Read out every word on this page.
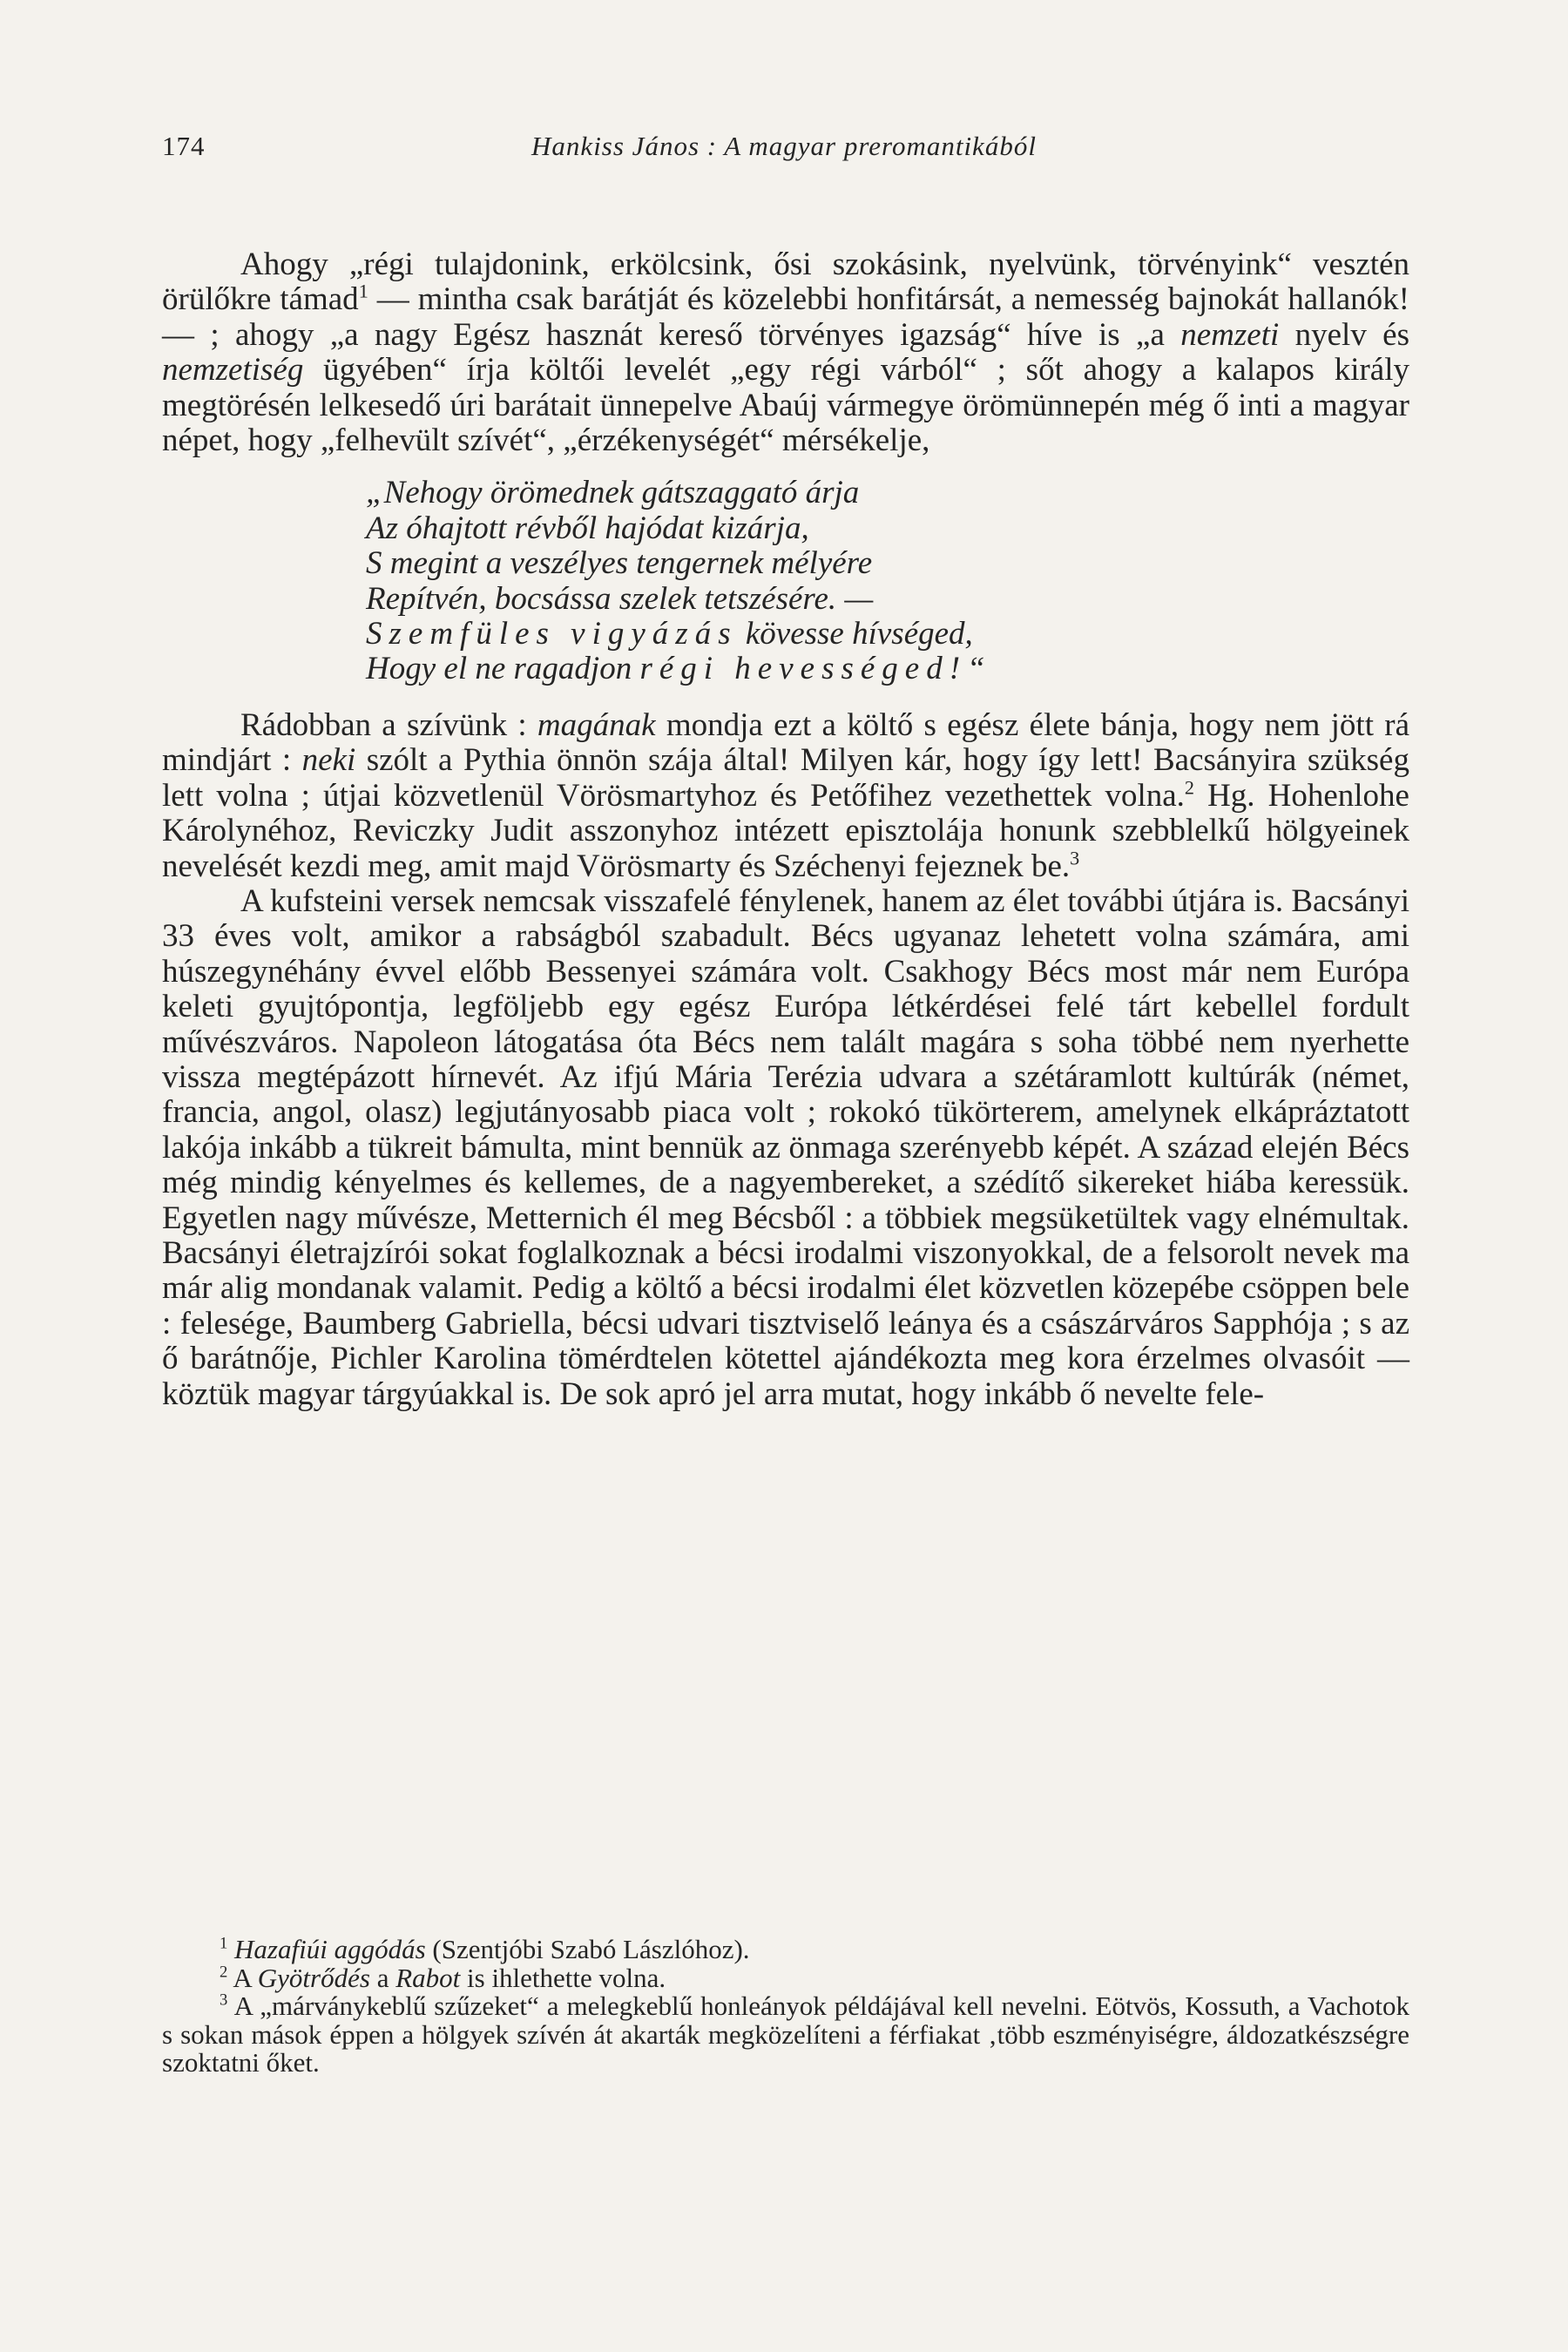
174	Hankiss János : A magyar preromantikából

Ahogy „régi tulajdonink, erkölcsink, ősi szokásink, nyelvünk, törvényink“ vesztén örülőkre támad$^1$ — mintha csak barátját és közelebbi honfitársát, a nemesség bajnokát hallanók! — ; ahogy „a nagy Egész hasznát kereső törvényes igazság“ híve is „a nemzeti nyelv és nemzetiség ügyében“ írja költői levelét „egy régi várból“ ; sőt ahogy a kalapos király megtörésén lelkesedő úri barátait ünnepelve Abaúj vármegye örömünnepén még ő inti a magyar népet, hogy „felhevült szívét“, „érzékenységét“ mérsékelje,

„Nehogy örömednek gátszaggató árja
Az óhajtott révből hajódat kizárja,
S megint a veszélyes tengernek mélyére
Repítvén, bocsássa szelek tetszésére. —
Szemfüles vigyázás kövesse hívséged,
Hogy el ne ragadjon régi hevességed!“

Rádobban a szívünk : magának mondja ezt a költő s egész élete bánja, hogy nem jött rá mindjárt : neki szólt a Pythia önnön szája által! Milyen kár, hogy így lett! Bacsányira szükség lett volna ; útjai közvetlenül Vörösmartyhoz és Petőfihez vezethettek volna.$^2$ Hg. Hohenlohe Károlynéhoz, Reviczky Judit asszonyhoz intézett episztolája honunk szebblelkű hölgyeinek nevelését kezdi meg, amit majd Vörösmarty és Széchenyi fejeznek be.$^3$

A kufsteini versek nemcsak visszafelé fénylenek, hanem az élet további útjára is. Bacsányi 33 éves volt, amikor a rabságból szabadult. Bécs ugyanaz lehetett volna számára, ami húszegynéhány évvel előbb Bessenyei számára volt. Csakhogy Bécs most már nem Európa keleti gyujtópontja, legföljebb egy egész Európa létkérdései felé tárt kebellel fordult művészváros. Napoleon látogatása óta Bécs nem talált magára s soha többé nem nyerhette vissza megtépázott hírnevét. Az ifjú Mária Terézia udvara a szétáramlott kultúrák (német, francia, angol, olasz) legjutányosabb piaca volt ; rokokó tükörterem, amelynek elkápráztatott lakója inkább a tükreit bámulta, mint bennük az önmaga szerényebb képét. A század elején Bécs még mindig kényelmes és kellemes, de a nagyembereket, a szédítő sikereket hiába keressük. Egyetlen nagy művésze, Metternich él meg Bécsből : a többiek megsüketültek vagy elnémultak. Bacsányi életrajzírói sokat foglalkoznak a bécsi irodalmi viszonyokkal, de a felsorolt nevek ma már alig mondanak valamit. Pedig a költő a bécsi irodalmi élet közvetlen közepébe csöppen bele : felesége, Baumberg Gabriella, bécsi udvari tisztviselő leánya és a császárváros Sapphója ; s az ő barátnője, Pichler Karolina tömérdtelen kötettel ajándékozta meg kora érzelmes olvasóit — köztük magyar tárgyúakkal is. De sok apró jel arra mutat, hogy inkább ő nevelte fele-

$^1$ Hazafiúi aggódás (Szentjóbi Szabó Lászlóhoz).

$^2$ A Gyötrődés a Rabot is ihlethette volna.

$^3$ A „márványkeblű szűzeket“ a melegkeblű honleányok példájával kell nevelni. Eötvös, Kossuth, a Vachotok s sokan mások éppen a hölgyek szívén át akarták megközelíteni a férfiakat ‚több eszményiségre, áldozatkészségre szoktatni őket.
